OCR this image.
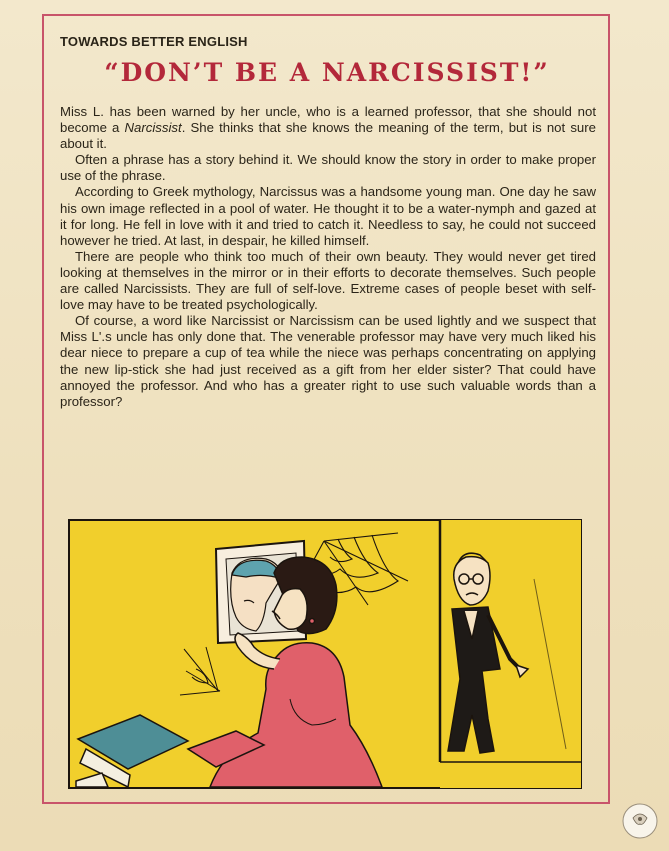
TOWARDS BETTER ENGLISH
“DON’T BE A NARCISSIST!”

Miss L. has been warned by her uncle, who is a learned professor, that she should not become a Narcissist. She thinks that she knows the meaning of the term, but is not sure about it.

Often a phrase has a story behind it. We should know the story in order to make proper use of the phrase.

According to Greek mythology, Narcissus was a handsome young man. One day he saw his own image reflected in a pool of water. He thought it to be a water-nymph and gazed at it for long. He fell in love with it and tried to catch it. Needless to say, he could not succeed however he tried. At last, in despair, he killed himself.

There are people who think too much of their own beauty. They would never get tired looking at themselves in the mirror or in their efforts to decorate themselves. Such people are called Narcissists. They are full of self-love. Extreme cases of people beset with self-love may have to be treated psychologically.

Of course, a word like Narcissist or Narcissism can be used lightly and we suspect that Miss L'.s uncle has only done that. The venerable professor may have very much liked his dear niece to prepare a cup of tea while the niece was perhaps concentrating on applying the new lip-stick she had just received as a gift from her elder sister? That could have annoyed the professor. And who has a greater right to use such valuable words than a professor?
